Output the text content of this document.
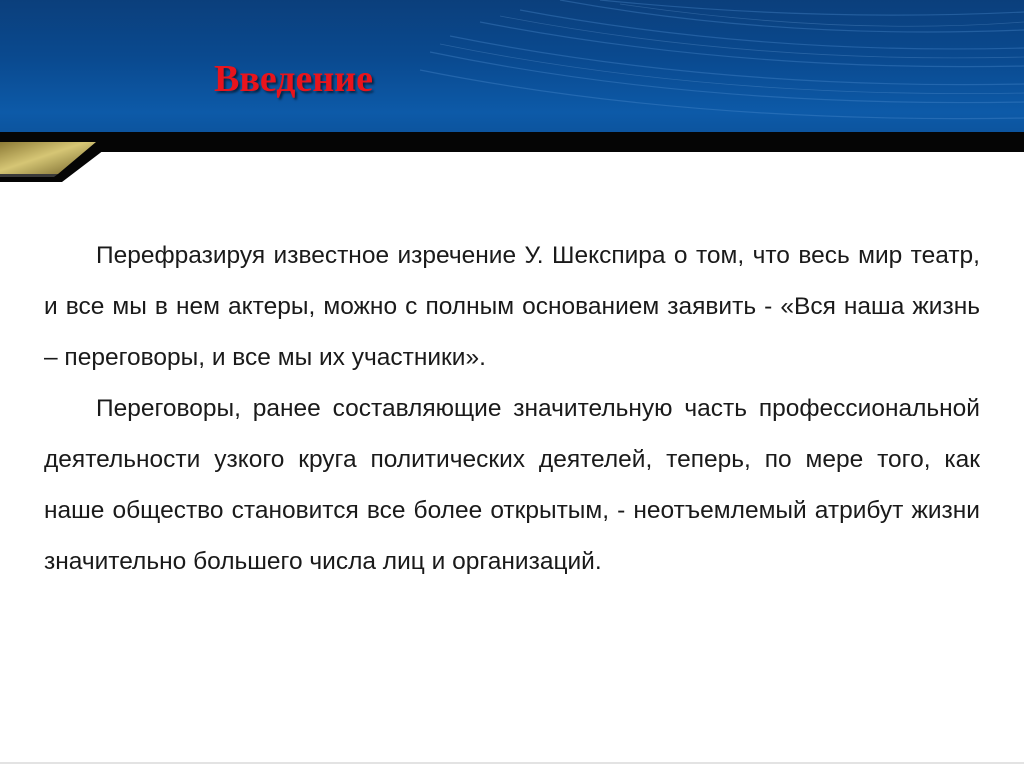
Введение

Перефразируя известное изречение У. Шекспира о том, что весь мир театр, и все мы в нем актеры, можно с полным основанием заявить - «Вся наша жизнь – переговоры, и все мы их участники».

Переговоры, ранее составляющие значительную часть профессиональной деятельности узкого круга политических деятелей, теперь, по мере того, как наше общество становится все более открытым, - неотъемлемый атрибут жизни значительно большего числа лиц и организаций.
